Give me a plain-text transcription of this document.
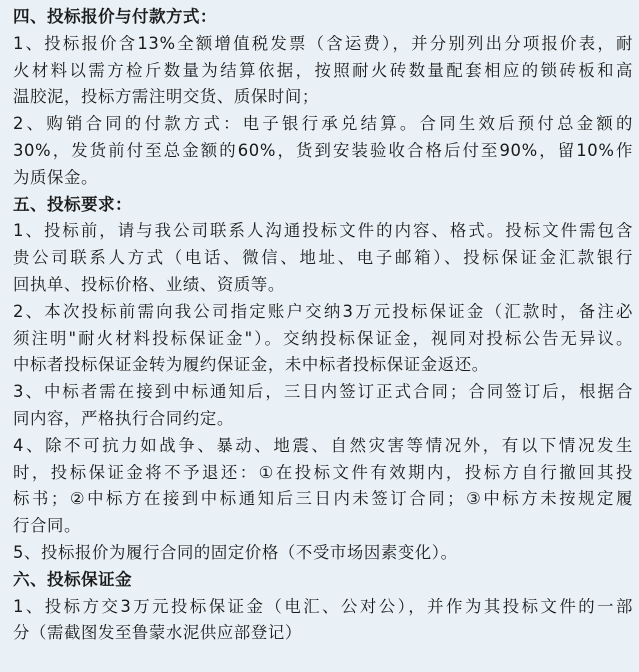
四、投标报价与付款方式：
1、投标报价含13%全额增值税发票（含运费），并分别列出分项报价表，耐
火材料以需方检斤数量为结算依据，按照耐火砖数量配套相应的锁砖板和高
温胶泥，投标方需注明交货、质保时间；
2、购销合同的付款方式：电子银行承兑结算。合同生效后预付总金额的
30%，发货前付至总金额的60%，货到安装验收合格后付至90%，留10%作
为质保金。
五、投标要求：
1、投标前，请与我公司联系人沟通投标文件的内容、格式。投标文件需包含
贵公司联系人方式（电话、微信、地址、电子邮箱）、投标保证金汇款银行
回执单、投标价格、业绩、资质等。
2、本次投标前需向我公司指定账户交纳3万元投标保证金（汇款时，备注必
须注明"耐火材料投标保证金"）。交纳投标保证金，视同对投标公告无异议。
中标者投标保证金转为履约保证金，未中标者投标保证金返还。
3、中标者需在接到中标通知后，三日内签订正式合同；合同签订后，根据合
同内容，严格执行合同约定。
4、除不可抗力如战争、暴动、地震、自然灾害等情况外，有以下情况发生
时，投标保证金将不予退还：①在投标文件有效期内，投标方自行撤回其投
标书；②中标方在接到中标通知后三日内未签订合同；③中标方未按规定履
行合同。
5、投标报价为履行合同的固定价格（不受市场因素变化）。
六、投标保证金
1、投标方交3万元投标保证金（电汇、公对公），并作为其投标文件的一部
分（需截图发至鲁蒙水泥供应部登记）
